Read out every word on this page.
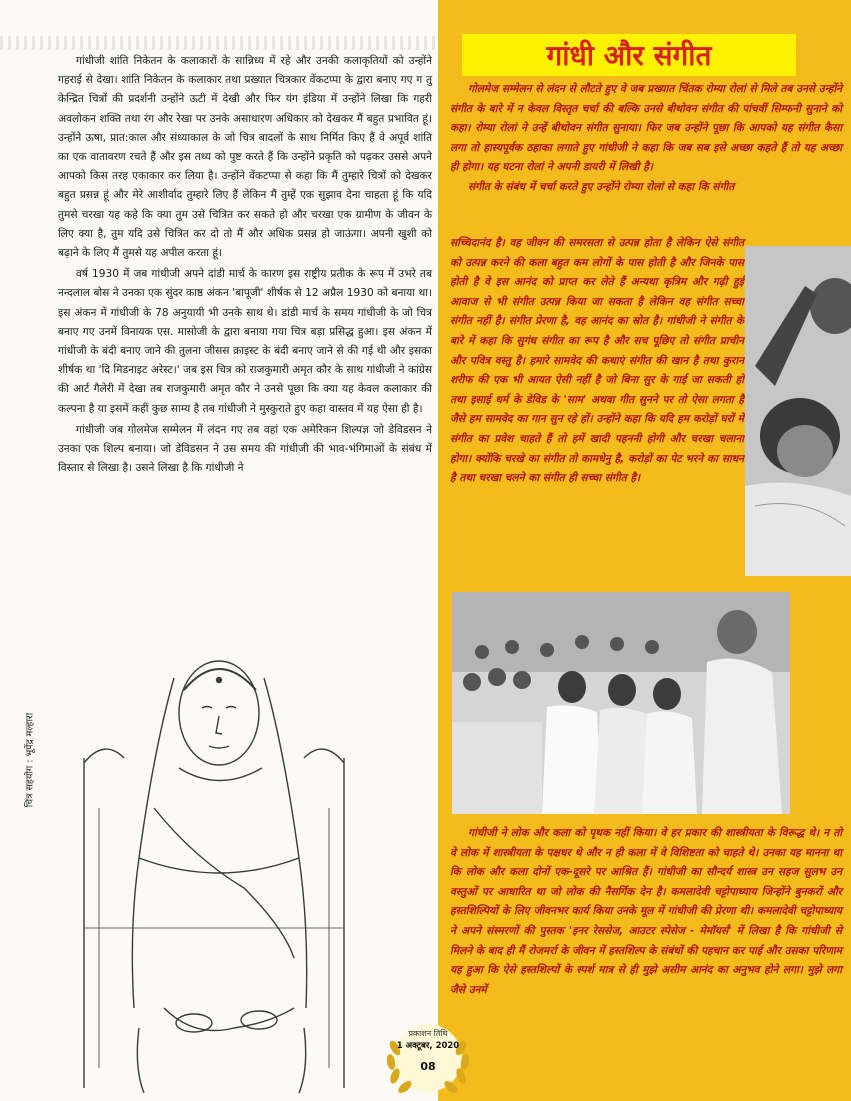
गांधीजी शांति निकेतन के कलाकारों के सान्निध्य में रहे और उनकी कलाकृतियों को उन्होंने गहराई से देखा। शांति निकेतन के कलाकार तथा प्रख्यात चित्रकार वेंकटप्पा के द्वारा बनाए गए ग तु केन्द्रित चित्रों की प्रदर्शनी उन्होंने ऊटी में देखी और फिर यंग इंडिया में उन्होंने लिखा कि गहरी अवलोकन शक्ति तथा रंग और रेखा पर उनके असाधारण अधिकार को देखकर मैं बहुत प्रभावित हूं। उन्होंने ऊषा, प्रात:काल और संध्याकाल के जो चित्र बादलों के साथ निर्मित किए हैं वे अपूर्व शांति का एक वातावरण रचते हैं और इस तथ्य को पुष्ट करते हैं कि उन्होंने प्रकृति को पढ़कर उससे अपने आपको किस तरह एकाकार कर लिया है। उन्होंने वेंकटप्पा से कहा कि मैं तुम्हारे चित्रों को देखकर बहुत प्रसन्न हूं और मेरे आशीर्वाद तुम्हारे लिए हैं लेकिन मैं तुम्हें एक सुझाव देना चाहता हूं कि यदि तुमसे चरखा यह कहे कि क्या तुम उसे चित्रित कर सकते हो और चरखा एक ग्रामीण के जीवन के लिए क्या है, तुम यदि उसे चित्रित कर दो तो मैं और अधिक प्रसन्न हो जाऊंगा। अपनी खुशी को बढ़ाने के लिए मैं तुमसे यह अपील करता हूं।

वर्ष 1930 में जब गांधीजी अपने दांडी मार्च के कारण इस राष्ट्रीय प्रतीक के रूप में उभरे तब नन्दलाल बोस ने उनका एक सुंदर काष्ठ अंकन 'बापूजी' शीर्षक से 12 अप्रैल 1930 को बनाया था। इस अंकन में गांधीजी के 78 अनुयायी भी उनके साथ थे। डांडी मार्च के समय गांधीजी के जो चित्र बनाए गए उनमें विनायक एस. मासोजी के द्वारा बनाया गया चित्र बड़ा प्रसिद्ध हुआ। इस अंकन में गांधीजी के बंदी बनाए जाने की तुलना जीसस क्राइस्ट के बंदी बनाए जाने से की गई थी और इसका शीर्षक था 'दि मिडनाइट अरेस्ट।' जब इस चित्र को राजकुमारी अमृत कौर के साथ गांधीजी ने कांग्रेस की आर्ट गैलेरी में देखा तब राजकुमारी अमृत कौर ने उनसे पूछा कि क्या यह केवल कलाकार की कल्पना है या इसमें कहीं कुछ साम्य है तब गांधीजी ने मुस्कुराते हुए कहा वास्तव में यह ऐसा ही है।

गांधीजी जब गोलमेज सम्मेलन में लंदन गए तब वहां एक अमेरिकन शिल्पज्ञ जो डेविडसन ने उनका एक शिल्प बनाया। जो डेविडसन ने उस समय की गांधीजी की भाव-भंगिमाओं के संबंध में विस्तार से लिखा है। उसने लिखा है कि गांधीजी ने

चित्र सहयोग : भूपेंद्र मल्हारा
गांधी और संगीत

गोलमेज सम्मेलन से लंदन से लौटते हुए वे जब प्रख्यात चिंतक रोम्या रोलां से मिले तब उनसे उन्होंने संगीत के बारे में न केवल विस्तृत चर्चा की बल्कि उनसे बीथोवन संगीत की पांचवीं सिम्फनी सुनाने को कहा। रोम्या रोलां ने उन्हें बीथोवन संगीत सुनाया। फिर जब उन्होंने पूछा कि आपको यह संगीत कैसा लगा तो हास्यपूर्वक ठहाका लगाते हुए गांधीजी ने कहा कि जब सब इसे अच्छा कहते हैं तो यह अच्छा ही होगा। यह घटना रोलां ने अपनी डायरी में लिखी है।

संगीत के संबंध में चर्चा करते हुए उन्होंने रोम्या रोलां से कहा कि संगीत

सच्चिदानंद है। वह जीवन की समरसता से उत्पन्न होता है लेकिन ऐसे संगीत को उत्पन्न करने की कला बहुत कम लोगों के पास होती है और जिनके पास होती है वे इस आनंद को प्राप्त कर लेते हैं अन्यथा कृत्रिम और गढ़ी हुई आवाज से भी संगीत उत्पन्न किया जा सकता है लेकिन वह संगीत सच्चा संगीत नहीं है। संगीत प्रेरणा है, वह आनंद का स्रोत है। गांधीजी ने संगीत के बारे में कहा कि सुगंध संगीत का रूप है और सच पूछिए तो संगीत प्राचीन और पवित्र वस्तु है। हमारे सामवेद की कथाएं संगीत की खान है तथा कुरान शरीफ की एक भी आयत ऐसी नहीं है जो बिना सुर के गाई जा सकती हो तथा इसाई धर्म के डेविड के 'साम' अथवा गीत सुनने पर तो ऐसा लगता है जैसे हम सामवेद का गान सुन रहे हों। उन्होंने कहा कि यदि हम करोड़ों घरों में संगीत का प्रवेश चाहते हैं तो हमें खादी पहननी होगी और चरखा चलाना होगा। क्योंकि चरखे का संगीत तो कामधेनु है, करोड़ों का पेट भरने का साधन है तथा चरखा चलने का संगीत ही सच्चा संगीत है।

गांधीजी ने लोक और कला को पृथक नहीं किया। वे हर प्रकार की शास्त्रीयता के विरूद्ध थे। न तो वे लोक में शास्त्रीयता के पक्षधर थे और न ही कला में वे विशिष्टता को चाहते थे। उनका यह मानना था कि लोक और कला दोनों एक-दूसरे पर आश्रित हैं। गांधीजी का सौन्दर्य शास्त्र उन सहज सुलभ उन वस्तुओं पर आधारित था जो लोक की नैसर्गिक देन है। कमलादेवी चट्टोपाध्याय जिन्होंने बुनकरों और हस्तशिल्पियों के लिए जीवनभर कार्य किया उनके मूल में गांधीजी की प्रेरणा थी। कमलादेवी चट्टोपाध्याय ने अपने संस्मरणों की पुस्तक 'इनर रेससेज, आउटर स्पेसेज - मेमॉयर्स' में लिखा है कि गांधीजी से मिलने के बाद ही मैं रोजमर्रा के जीवन में हस्तशिल्प के संबंधों की पहचान कर पाई और उसका परिणाम यह हुआ कि ऐसे हस्तशिल्पों के स्पर्श मात्र से ही मुझे असीम आनंद का अनुभव होने लगा। मुझे लगा जैसे उनमें

प्रकाशन तिथि
1 अक्टूबर, 2020
08
